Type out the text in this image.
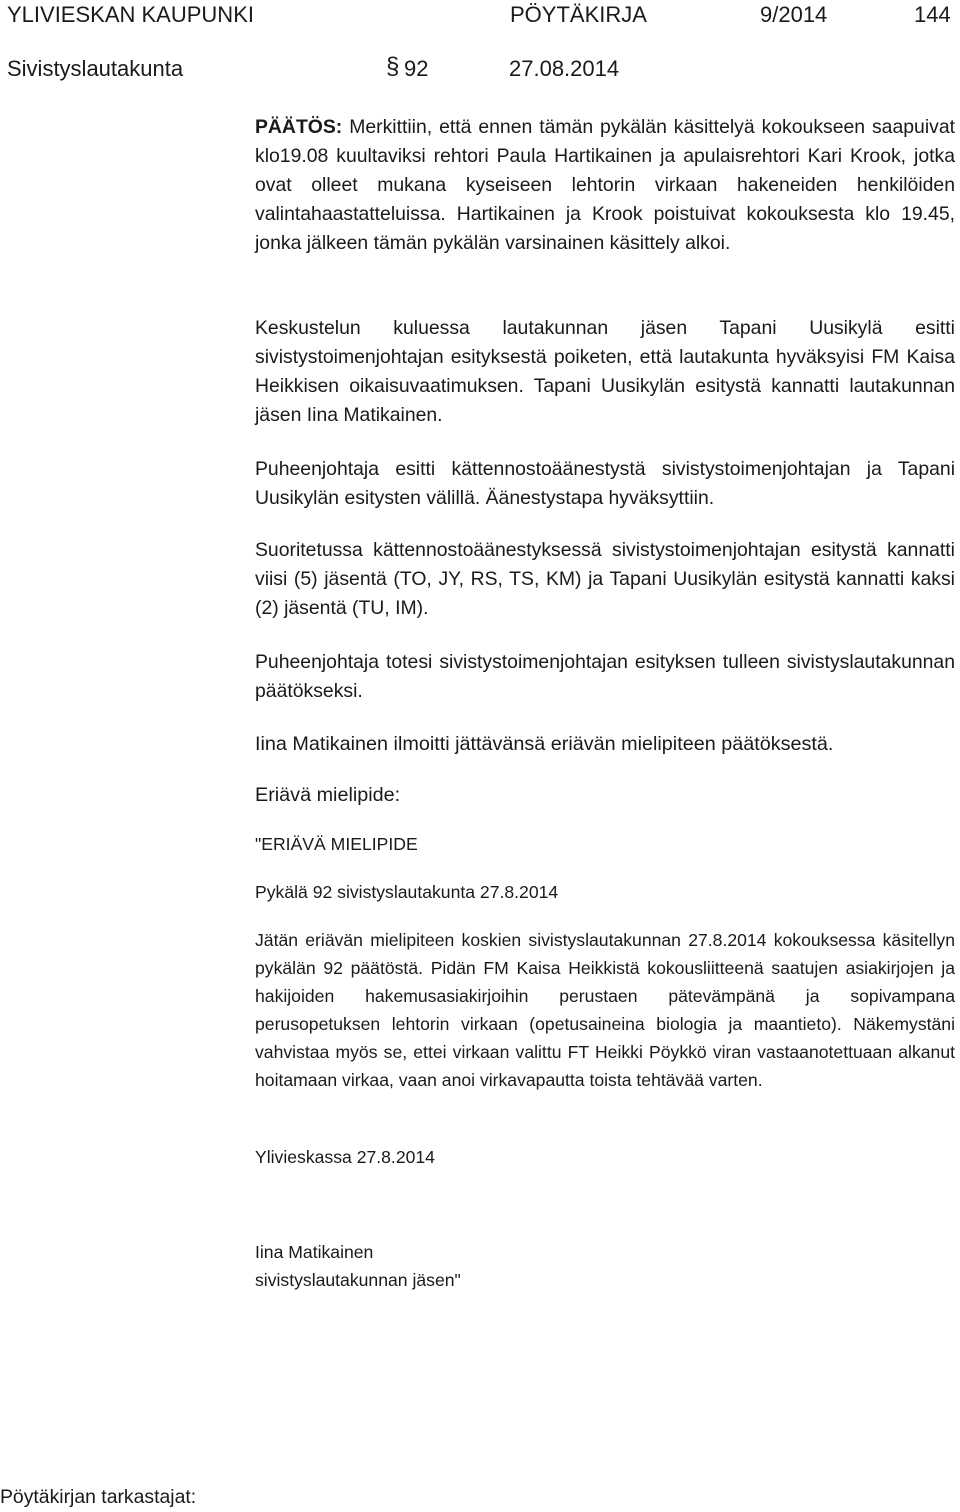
YLIVIESKAN KAUPUNKI	PÖYTÄKIRJA	9/2014	144
Sivistyslautakunta	§ 92	27.08.2014

PÄÄTÖS: Merkittiin, että ennen tämän pykälän käsittelyä kokoukseen saapuivat klo19.08 kuultaviksi rehtori Paula Hartikainen ja apulaisrehtori Kari Krook, jotka ovat olleet mukana kyseiseen lehtorin virkaan hakeneiden henkilöiden valintahaastatteluissa. Hartikainen ja Krook poistuivat kokouksesta klo 19.45, jonka jälkeen tämän pykälän varsinainen käsittely alkoi.

Keskustelun kuluessa lautakunnan jäsen Tapani Uusikylä esitti sivistystoimenjohtajan esityksestä poiketen, että lautakunta hyväksyisi FM Kaisa Heikkisen oikaisuvaatimuksen. Tapani Uusikylän esitystä kannatti lautakunnan jäsen Iina Matikainen.

Puheenjohtaja esitti kättennostoäänestystä sivistystoimenjohtajan ja Tapani Uusikylän esitysten välillä. Äänestystapa hyväksyttiin.

Suoritetussa kättennostoäänestyksessä sivistystoimenjohtajan esitystä kannatti viisi (5) jäsentä (TO, JY, RS, TS, KM) ja Tapani Uusikylän esitystä kannatti kaksi (2) jäsentä (TU, IM).

Puheenjohtaja totesi sivistystoimenjohtajan esityksen tulleen sivistyslautakunnan päätökseksi.

Iina Matikainen ilmoitti jättävänsä eriävän mielipiteen päätöksestä.

Eriävä mielipide:

"ERIÄVÄ MIELIPIDE

Pykälä 92 sivistyslautakunta 27.8.2014

Jätän eriävän mielipiteen koskien sivistyslautakunnan 27.8.2014 kokouksessa käsitellyn pykälän 92 päätöstä. Pidän FM Kaisa Heikkistä kokousliitteenä saatujen asiakirjojen ja hakijoiden hakemusasiakirjoihin perustaen pätevämpänä ja sopivampana perusopetuksen lehtorin virkaan (opetusaineina biologia ja maantieto). Näkemystäni vahvistaa myös se, ettei virkaan valittu FT Heikki Pöykkö viran vastaanotettuaan alkanut hoitamaan virkaa, vaan anoi virkavapautta toista tehtävää varten.

Ylivieskassa 27.8.2014

Iina Matikainen

sivistyslautakunnan jäsen"

Pöytäkirjan tarkastajat:
